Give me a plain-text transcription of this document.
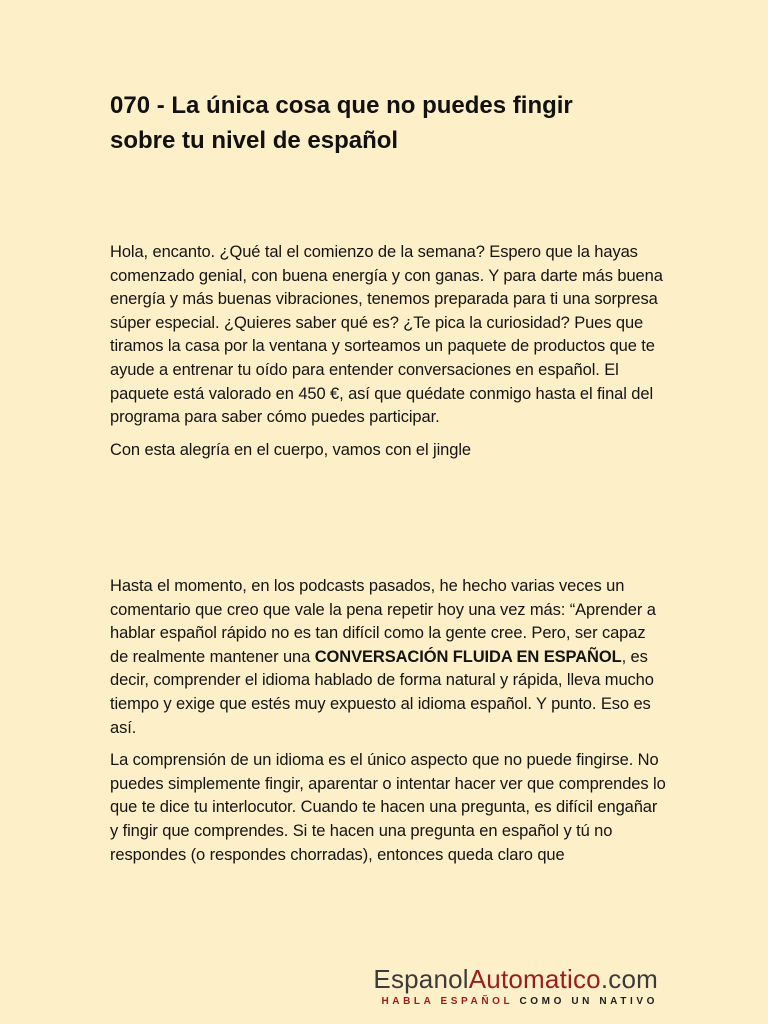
070 - La única cosa que no puedes fingir
sobre tu nivel de español

Hola, encanto. ¿Qué tal el comienzo de la semana? Espero que la hayas comenzado genial, con buena energía y con ganas. Y para darte más buena energía y más buenas vibraciones, tenemos preparada para ti una sorpresa súper especial. ¿Quieres saber qué es? ¿Te pica la curiosidad? Pues que tiramos la casa por la ventana y sorteamos un paquete de productos que te ayude a entrenar tu oído para entender conversaciones en español. El paquete está valorado en 450 €, así que quédate conmigo hasta el final del programa para saber cómo puedes participar.

Con esta alegría en el cuerpo, vamos con el jingle

Hasta el momento, en los podcasts pasados, he hecho varias veces un comentario que creo que vale la pena repetir hoy una vez más: “Aprender a hablar español rápido no es tan difícil como la gente cree. Pero, ser capaz de realmente mantener una CONVERSACIÓN FLUIDA EN ESPAÑOL, es decir, comprender el idioma hablado de forma natural y rápida, lleva mucho tiempo y exige que estés muy expuesto al idioma español. Y punto. Eso es así.

La comprensión de un idioma es el único aspecto que no puede fingirse. No puedes simplemente fingir, aparentar o intentar hacer ver que comprendes lo que te dice tu interlocutor. Cuando te hacen una pregunta, es difícil engañar y fingir que comprendes. Si te hacen una pregunta en español y tú no respondes (o respondes chorradas), entonces queda claro que

EspanolAutomatico.com
HABLA ESPAÑOL COMO UN NATIVO
